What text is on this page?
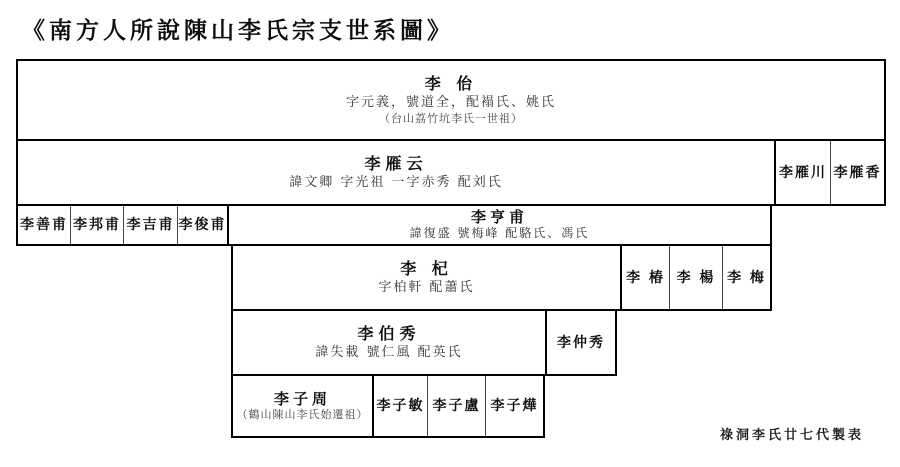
《南方人所說陳山李氏宗支世系圖》
李 佁
字元義，號道全，配褟氏、姚氏
（台山荔竹坑李氏一世祖）
李雁云
諱文卿 字光祖 一字赤秀 配刘氏
李雁川 李雁香
李善甫 李邦甫 李吉甫 李俊甫	李亨甫
諱復盛 號梅峰 配駱氏、馮氏
李 杞
字柏軒 配蕭氏
李 椿 李 楊 李 梅
李伯秀
諱失載 號仁風 配英氏
李仲秀
李子周
（鶴山陳山李氏始遷祖） 李子敏 李子盧 李子燁
祿洞李氏廿七代製表
